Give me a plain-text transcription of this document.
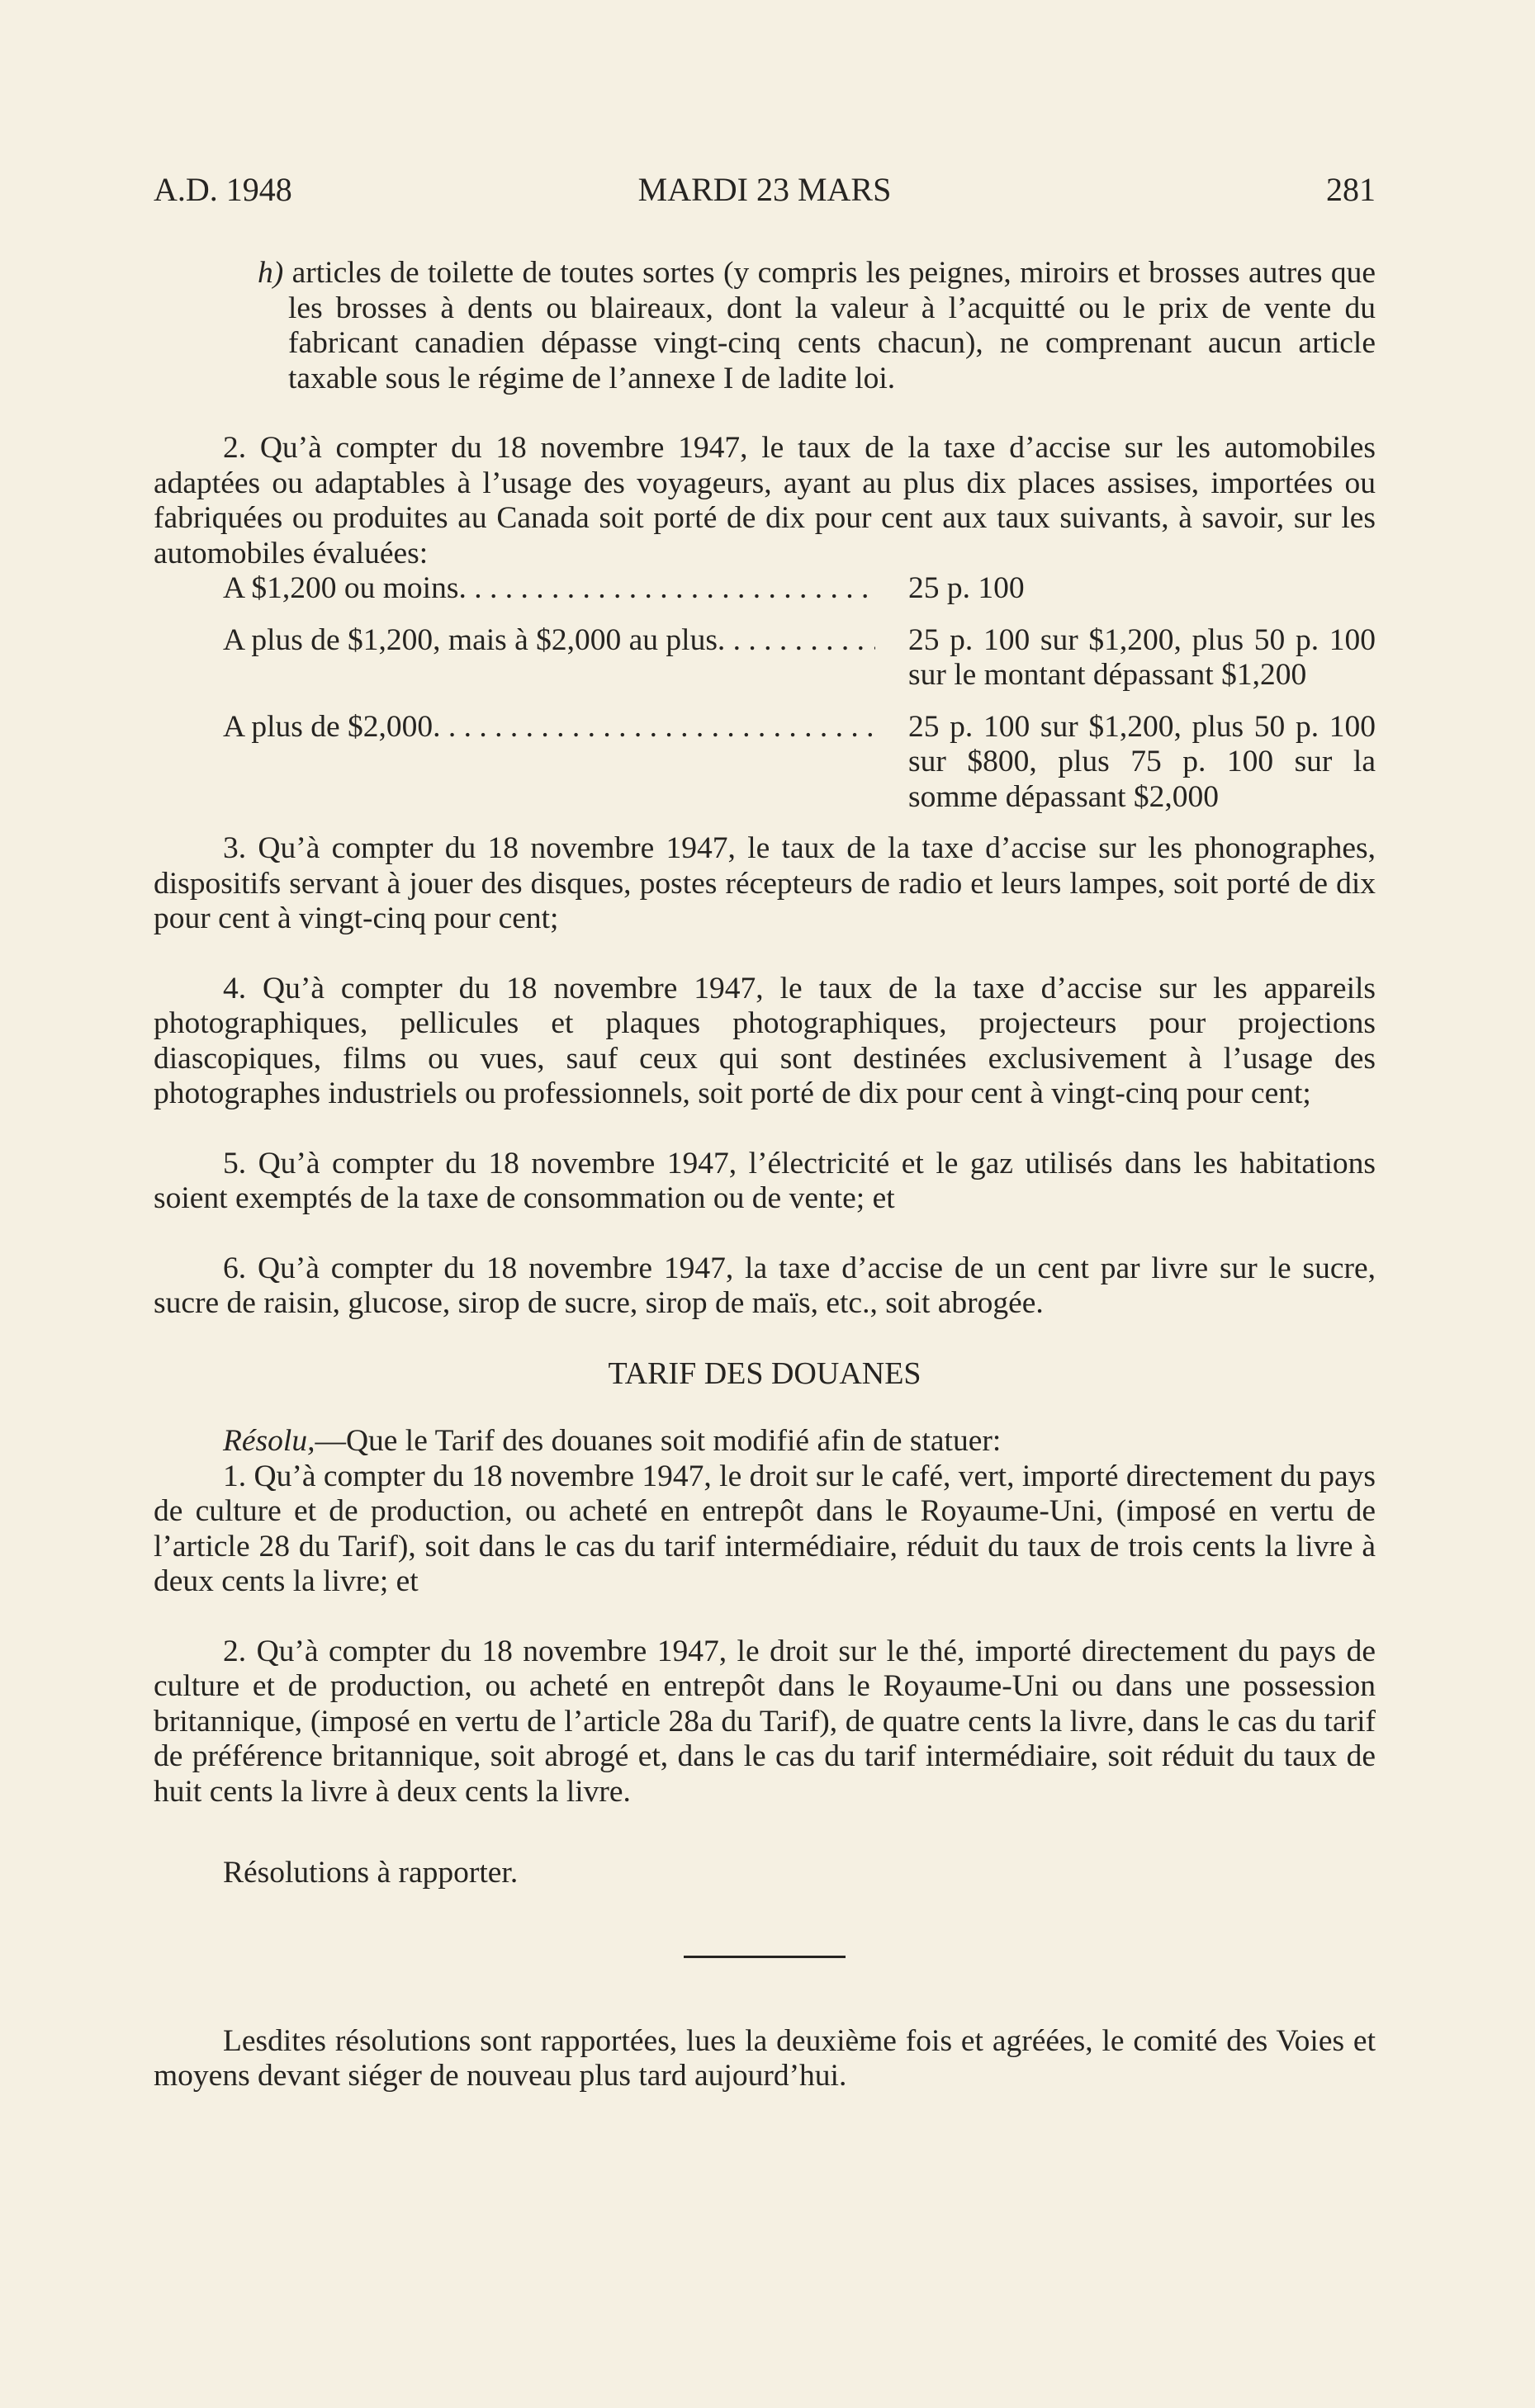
A.D. 1948	MARDI 23 MARS	281

h) articles de toilette de toutes sortes (y compris les peignes, miroirs et brosses autres que les brosses à dents ou blaireaux, dont la valeur à l’acquitté ou le prix de vente du fabricant canadien dépasse vingt-cinq cents chacun), ne comprenant aucun article taxable sous le régime de l’annexe I de ladite loi.

2. Qu’à compter du 18 novembre 1947, le taux de la taxe d’accise sur les automobiles adaptées ou adaptables à l’usage des voyageurs, ayant au plus dix places assises, importées ou fabriquées ou produites au Canada soit porté de dix pour cent aux taux suivants, à savoir, sur les automobiles évaluées:

A $1,200 ou moins . . .	25 p. 100
A plus de $1,200, mais à $2,000 au plus . . .	25 p. 100 sur $1,200, plus 50 p. 100 sur le montant dépassant $1,200
A plus de $2,000 . . .	25 p. 100 sur $1,200, plus 50 p. 100 sur $800, plus 75 p. 100 sur la somme dépassant $2,000

3. Qu’à compter du 18 novembre 1947, le taux de la taxe d’accise sur les phonographes, dispositifs servant à jouer des disques, postes récepteurs de radio et leurs lampes, soit porté de dix pour cent à vingt-cinq pour cent;

4. Qu’à compter du 18 novembre 1947, le taux de la taxe d’accise sur les appareils photographiques, pellicules et plaques photographiques, projecteurs pour projections diascopiques, films ou vues, sauf ceux qui sont destinées exclusivement à l’usage des photographes industriels ou professionnels, soit porté de dix pour cent à vingt-cinq pour cent;

5. Qu’à compter du 18 novembre 1947, l’électricité et le gaz utilisés dans les habitations soient exemptés de la taxe de consommation ou de vente; et

6. Qu’à compter du 18 novembre 1947, la taxe d’accise de un cent par livre sur le sucre, sucre de raisin, glucose, sirop de sucre, sirop de maïs, etc., soit abrogée.

TARIF DES DOUANES

Résolu,—Que le Tarif des douanes soit modifié afin de statuer:

1. Qu’à compter du 18 novembre 1947, le droit sur le café, vert, importé directement du pays de culture et de production, ou acheté en entrepôt dans le Royaume-Uni, (imposé en vertu de l’article 28 du Tarif), soit dans le cas du tarif intermédiaire, réduit du taux de trois cents la livre à deux cents la livre; et

2. Qu’à compter du 18 novembre 1947, le droit sur le thé, importé directement du pays de culture et de production, ou acheté en entrepôt dans le Royaume-Uni ou dans une possession britannique, (imposé en vertu de l’article 28a du Tarif), de quatre cents la livre, dans le cas du tarif de préférence britannique, soit abrogé et, dans le cas du tarif intermédiaire, soit réduit du taux de huit cents la livre à deux cents la livre.

Résolutions à rapporter.

Lesdites résolutions sont rapportées, lues la deuxième fois et agréées, le comité des Voies et moyens devant siéger de nouveau plus tard aujourd’hui.
